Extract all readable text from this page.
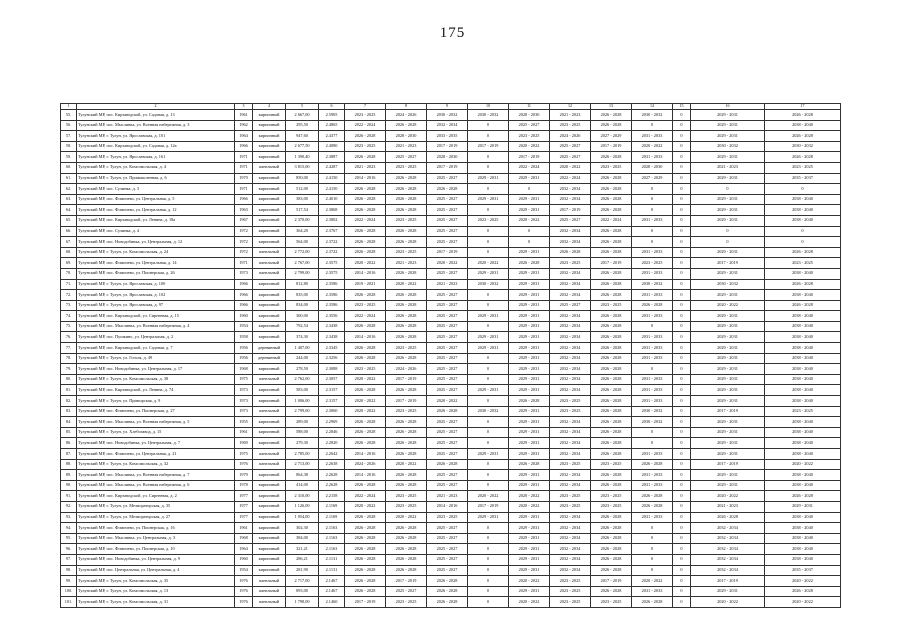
175
1	2	3	4	5	6	7	8	9	10	11	12	13	14	15	16	17
55.	Тулунский МР, пос. Кирзаводской, ул. Садовая, д. 13	1961	кирпичный	2 667,00	2.5905	2023 - 2025	2024 - 2026	2030 - 2032	2030 - 2032	2028 - 2030	2021 - 2023	2026 - 2028	2030 - 2032	0	2029 - 2031	2026 - 2028
56.	Тулунский МР, пос. Мыслинка, ул. Военная набережная, д. 3	1962	кирпичный	295,50	2.4865	2022 - 2024	2026 - 2028	2032 - 2034	0	2025 - 2027	2023 - 2025	2026 - 2028	0	0	2029 - 2031	2038 - 2040
57.	Тулунский МР, г. Тулун, ул. Ярославская, д. 101	1964	кирпичный	947,60	2.4377	2026 - 2028	2028 - 2030	2033 - 2035	0	2023 - 2025	2024 - 2026	2027 - 2029	2031 - 2033	0	2029 - 2031	2026 - 2028
58.	Тулунский МР, пос. Кирзаводской, ул. Садовая, д. 12а	1966	кирпичный	2 677,50	2.4080	2023 - 2025	2021 - 2023	2017 - 2019	2017 - 2019	2020 - 2022	2025 - 2027	2017 - 2019	2020 - 2022	0	2030 - 2032	2030 - 2032
59.	Тулунский МР, г. Тулун, ул. Ярославская, д. 161	1971	кирпичный	1 390,40	2.3887	2026 - 2028	2025 - 2027	2028 - 2030	0	2017 - 2019	2025 - 2027	2026 - 2028	2031 - 2033	0	2029 - 2031	2026 - 2028
60.	Тулунский МР, г. Тулун, ул. Комсомольская, д. 4	1971	панельный	3 815,00	2.4287	2021 - 2023	2023 - 2025	2017 - 2019	0	2022 - 2024	2020 - 2022	2023 - 2025	2028 - 2030	0	2021 - 2023	2023 - 2025
61.	Тулунский МР, г. Тулун, ул. Промышленная, д. 6	1970	кирпичный	850,00	2.4150	2014 - 2016	2026 - 2028	2025 - 2027	2029 - 2031	2029 - 2031	2022 - 2024	2026 - 2028	2027 - 2029	0	2029 - 2031	2035 - 2037
62.	Тулунский МР, пос. Сулинка, д. 3	1971	кирпичный	512,00	2.4150	2026 - 2028	2026 - 2028	2026 - 2028	0	0	2032 - 2034	2026 - 2028	0	0	0	0
63.	Тулунский МР, пос. Фомичево, ул. Центральная, д. 5	1966	кирпичный	383,00	2.4010	2026 - 2028	2026 - 2028	2025 - 2027	2029 - 2031	2029 - 2031	2032 - 2034	2026 - 2028	0	0	2029 - 2031	2038 - 2040
64.	Тулунский МР, пос. Фомичево, ул. Центральная, д. 12	1963	кирпичный	517,54	2.3868	2026 - 2028	2026 - 2028	2025 - 2027	0	2029 - 2031	2017 - 2019	2026 - 2028	0	0	2029 - 2031	2038 - 2040
65.	Тулунский МР, пос. Кирзаводской, ул. Ленина, д. 18а	1967	кирпичный	2 370,00	2.3802	2022 - 2024	2023 - 2025	2025 - 2027	2023 - 2025	2020 - 2022	2025 - 2027	2022 - 2024	2031 - 2033	0	2029 - 2031	2038 - 2040
66.	Тулунский МР, пос. Сулинка, д. 4	1972	кирпичный	364,20	2.3767	2026 - 2028	2026 - 2028	2025 - 2027	0	0	2032 - 2034	2026 - 2028	0	0	0	0
67.	Тулунский МР, пос. Новодобинка, ул. Центральная, д. 12	1972	кирпичный	564,00	2.3722	2026 - 2028	2026 - 2028	2025 - 2027	0	0	2032 - 2034	2026 - 2028	0	0	0	0
68.	Тулунский МР, г. Тулун, ул. Комсомольская, д. 24	1972	панельный	2 772,00	2.3722	2026 - 2028	2023 - 2025	2017 - 2019	0	2029 - 2031	2026 - 2028	2026 - 2028	2031 - 2033	0	2029 - 2031	2026 - 2028
69.	Тулунский МР, пос. Фомичево, ул. Центральная, д. 14	1971	панельный	2 767,00	2.3575	2020 - 2022	2021 - 2023	2020 - 2022	2020 - 2022	2026 - 2028	2023 - 2025	2017 - 2019	2023 - 2025	0	2017 - 2019	2023 - 2025
70.	Тулунский МР, пос. Фомичево, ул. Пионерская, д. 26	1973	панельный	2 799,00	2.3575	2014 - 2016	2026 - 2028	2025 - 2027	2029 - 2031	2029 - 2031	2032 - 2034	2026 - 2028	2031 - 2033	0	2029 - 2031	2038 - 2040
71.	Тулунский МР, г. Тулун, ул. Ярославская, д. 100	1966	кирпичный	812,80	2.3586	2019 - 2021	2020 - 2022	2021 - 2023	2030 - 2032	2029 - 2031	2032 - 2034	2026 - 2028	2030 - 2032	0	2030 - 2032	2026 - 2028
72.	Тулунский МР, г. Тулун, ул. Ярославская, д. 102	1966	кирпичный	835,00	2.3586	2026 - 2028	2026 - 2028	2025 - 2027	0	2029 - 2031	2032 - 2034	2026 - 2028	2031 - 2033	0	2029 - 2031	2038 - 2040
73.	Тулунский МР, г. Тулун, ул. Ярославская, д. 97	1966	кирпичный	834,00	2.3586	2023 - 2025	2026 - 2028	2025 - 2027	0	2029 - 2031	2025 - 2027	2023 - 2025	2026 - 2028	0	2020 - 2022	2026 - 2028
74.	Тулунский МР, пос. Кирзаводской, ул. Сиреневая, д. 15	1960	кирпичный	300,00	2.3556	2022 - 2024	2026 - 2028	2025 - 2027	2029 - 2031	2029 - 2031	2032 - 2034	2026 - 2028	2031 - 2033	0	2029 - 2031	2038 - 2040
75.	Тулунский МР, пос. Мыслинка, ул. Военная набережная, д. 4	1954	кирпичный	792,54	2.3438	2026 - 2028	2026 - 2028	2025 - 2027	0	2029 - 2031	2032 - 2034	2026 - 2028	0	0	2029 - 2031	2038 - 2040
76.	Тулунский МР, пос. Пушкино, ул. Центральная, д. 2	1958	кирпичный	374,30	2.3438	2014 - 2016	2026 - 2028	2025 - 2027	2029 - 2031	2029 - 2031	2032 - 2034	2026 - 2028	2031 - 2033	0	2029 - 2031	2038 - 2040
77.	Тулунский МР, пос. Кирзаводской, ул. Садовая, д. 7	1956	деревянный	1 407,00	2.3345	2026 - 2028	2023 - 2025	2025 - 2027	2029 - 2031	2029 - 2031	2032 - 2034	2026 - 2028	2031 - 2033	0	2029 - 2031	2038 - 2040
78.	Тулунский МР, г. Тулун, ул. Гоголя, д. 49	1956	деревянный	244,00	2.3256	2026 - 2028	2026 - 2028	2025 - 2027	0	2029 - 2031	2032 - 2034	2026 - 2028	2031 - 2033	0	2029 - 2031	2038 - 2040
79.	Тулунский МР, пос. Новодобинка, ул. Центральная, д. 17	1968	кирпичный	278,50	2.3088	2023 - 2025	2024 - 2026	2025 - 2027	0	2029 - 2031	2032 - 2034	2026 - 2028	0	0	2029 - 2031	2038 - 2040
80.	Тулунский МР, г. Тулун, ул. Комсомольская, д. 38	1975	панельный	2 762,00	2.3057	2020 - 2022	2017 - 2019	2025 - 2027	0	2029 - 2031	2032 - 2034	2026 - 2028	2031 - 2033	0	2029 - 2031	2038 - 2040
81.	Тулунский МР, пос. Кирзаводской, ул. Ленина, д. 74	1973	кирпичный	583,00	2.3157	2026 - 2028	2026 - 2028	2025 - 2027	2029 - 2031	2029 - 2031	2032 - 2034	2026 - 2028	2031 - 2033	0	2029 - 2031	2038 - 2040
82.	Тулунский МР, г. Тулун, ул. Приморская, д. 9	1973	кирпичный	1 006,00	2.3157	2020 - 2022	2017 - 2019	2020 - 2022	0	2026 - 2028	2023 - 2025	2026 - 2028	2031 - 2033	0	2029 - 2031	2038 - 2040
83.	Тулунский МР, пос. Фомичево, ул. Пионерская, д. 27	1973	панельный	2 799,00	2.3060	2020 - 2022	2023 - 2025	2026 - 2028	2030 - 2032	2029 - 2031	2023 - 2025	2026 - 2028	2030 - 2032	0	2017 - 2019	2023 - 2025
84.	Тулунский МР, пос. Мыслинка, ул. Военная набережная, д. 5	1955	кирпичный	289,00	2.2969	2026 - 2028	2026 - 2028	2025 - 2027	0	2029 - 2031	2032 - 2034	2026 - 2028	2030 - 2032	0	2029 - 2031	2038 - 2040
85.	Тулунский МР, г. Тулун, ул. Хлебозавод, д. 15	1961	кирпичный	588,00	2.2846	2026 - 2028	2026 - 2028	2025 - 2027	0	2029 - 2031	2032 - 2034	2026 - 2028	0	0	2029 - 2031	2038 - 2040
86.	Тулунский МР, пос. Новодобинка, ул. Центральная, д. 7	1969	кирпичный	279,30	2.2820	2026 - 2028	2026 - 2028	2025 - 2027	0	2029 - 2031	2032 - 2034	2026 - 2028	0	0	2029 - 2031	2038 - 2040
87.	Тулунский МР, пос. Фомичево, ул. Центральная, д. 21	1975	панельный	2 785,00	2.2642	2014 - 2016	2026 - 2028	2025 - 2027	2029 - 2031	2029 - 2031	2032 - 2034	2026 - 2028	2031 - 2033	0	2029 - 2031	2038 - 2040
88.	Тулунский МР, г. Тулун, ул. Комсомольская, д. 32	1976	панельный	2 713,00	2.2638	2024 - 2026	2020 - 2022	2026 - 2028	0	2026 - 2028	2023 - 2025	2023 - 2025	2026 - 2028	0	2017 - 2019	2020 - 2022
89.	Тулунский МР, пос. Мыслинка, ул. Военная набережная, д. 7	1979	кирпичный	864,38	2.2628	2014 - 2016	2026 - 2028	2025 - 2027	0	2029 - 2031	2032 - 2034	2026 - 2028	2031 - 2033	0	2029 - 2031	2038 - 2040
90.	Тулунский МР, пос. Мыслинка, ул. Военная набережная, д. 6	1978	кирпичный	414,00	2.2628	2026 - 2028	2026 - 2028	2025 - 2027	0	2029 - 2031	2032 - 2034	2026 - 2028	2031 - 2033	0	2029 - 2031	2038 - 2040
91.	Тулунский МР, пос. Кирзаводской, ул. Сиреневая, д. 2	1977	кирпичный	2 310,00	2.2158	2022 - 2024	2023 - 2025	2021 - 2023	2020 - 2022	2020 - 2022	2023 - 2025	2023 - 2025	2026 - 2028	0	2020 - 2022	2026 - 2028
92.	Тулунский МР, г. Тулун, ул. Мелиораторская, д. 35	1977	кирпичный	1 126,00	2.1169	2020 - 2022	2023 - 2025	2014 - 2016	2017 - 2019	2020 - 2022	2023 - 2025	2023 - 2025	2026 - 2028	0	2021 - 2023	2029 - 2031
93.	Тулунский МР, г. Тулун, ул. Мелиораторская, д. 27	1977	кирпичный	1 054,00	2.1169	2026 - 2028	2020 - 2022	2023 - 2025	2029 - 2031	2029 - 2031	2032 - 2034	2026 - 2028	2031 - 2033	0	2026 - 2028	2038 - 2040
94.	Тулунский МР, пос. Фомичево, ул. Пионерская, д. 16	1961	кирпичный	302,30	2.1163	2026 - 2028	2026 - 2028	2025 - 2027	0	2029 - 2031	2032 - 2034	2026 - 2028	0	0	2032 - 2034	2038 - 2040
95.	Тулунский МР, пос. Мыслинка, ул. Центральная, д. 3	1968	кирпичный	384,00	2.1163	2026 - 2028	2026 - 2028	2025 - 2027	0	2029 - 2031	2032 - 2034	2026 - 2028	0	0	2032 - 2034	2038 - 2040
96.	Тулунский МР, пос. Фомичево, ул. Пионерская, д. 10	1964	кирпичный	321,21	2.1163	2026 - 2028	2026 - 2028	2025 - 2027	0	2029 - 2031	2032 - 2034	2026 - 2028	0	0	2032 - 2034	2038 - 2040
97.	Тулунский МР, пос. Новодобинка, ул. Центральная, д. 9	1960	кирпичный	286,21	2.1131	2026 - 2028	2026 - 2028	2025 - 2027	0	2029 - 2031	2032 - 2034	2026 - 2028	0	0	2032 - 2034	2038 - 2040
98.	Тулунский МР, пос. Центральная, ул. Центральная, д. 4	1954	кирпичный	281,90	2.1131	2026 - 2028	2026 - 2028	2025 - 2027	0	2029 - 2031	2032 - 2034	2026 - 2028	0	0	2032 - 2034	2035 - 2037
99.	Тулунский МР, г. Тулун, ул. Комсомольская, д. 35	1976	панельный	2 717,00	2.1467	2026 - 2028	2017 - 2019	2026 - 2028	0	2020 - 2022	2023 - 2025	2017 - 2019	2020 - 2022	0	2017 - 2019	2020 - 2022
100.	Тулунский МР, г. Тулун, ул. Комсомольская, д. 13	1976	панельный	893,00	2.1467	2026 - 2028	2025 - 2027	2026 - 2028	0	2029 - 2031	2023 - 2025	2026 - 2028	2031 - 2033	0	2029 - 2031	2026 - 2028
101.	Тулунский МР, г. Тулун, ул. Комсомольская, д. 31	1976	панельный	1 798,00	2.1460	2017 - 2019	2023 - 2025	2026 - 2028	0	2020 - 2022	2023 - 2025	2023 - 2025	2026 - 2028	0	2020 - 2022	2020 - 2022
